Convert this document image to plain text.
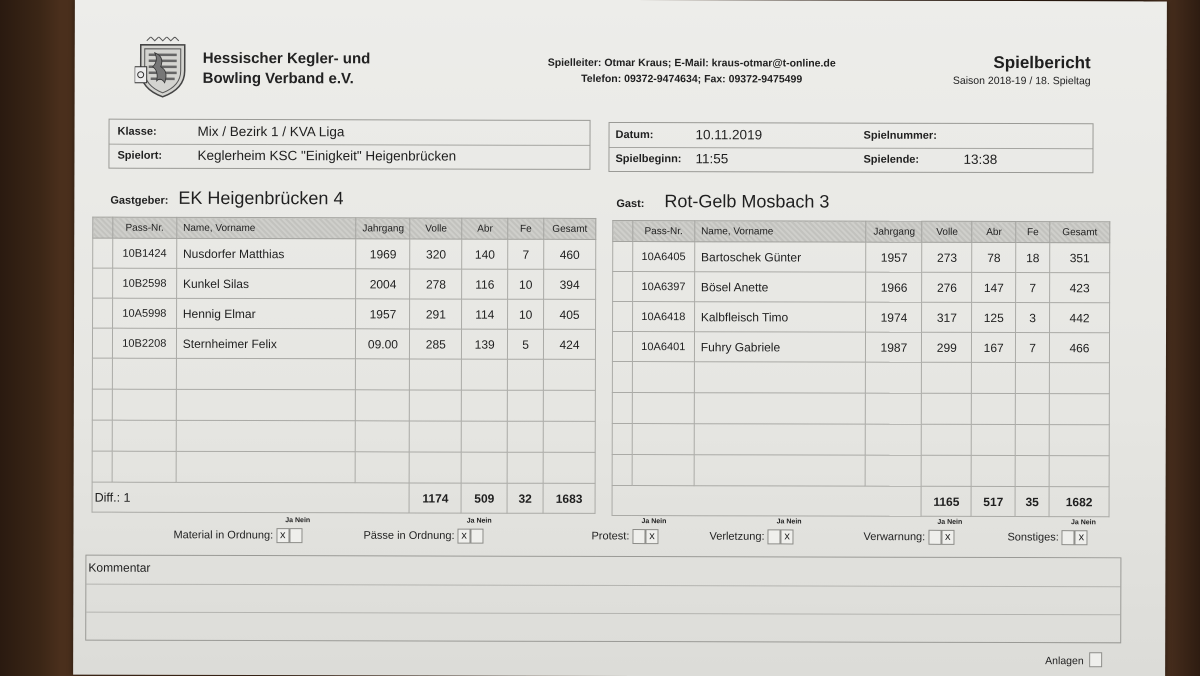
Hessischer Kegler- und
Bowling Verband e.V.
Spielleiter: Otmar Kraus; E-Mail: kraus-otmar@t-online.de
Telefon: 09372-9474634; Fax: 09372-9475499
Spielbericht
Saison 2018-19 / 18. Spieltag
Klasse:	Mix / Bezirk 1 / KVA Liga
Spielort:	Keglerheim KSC "Einigkeit" Heigenbrücken
Datum:	10.11.2019	Spielnummer:
Spielbeginn: 11:55	Spielende:	13:38
Gastgeber: EK Heigenbrücken 4	Gast: Rot-Gelb Mosbach 3
	Pass-Nr.	Name, Vorname	Jahrgang	Volle	Abr	Fe	Gesamt
	10B1424	Nusdorfer Matthias	1969	320	140	7	460
	10B2598	Kunkel Silas	2004	278	116	10	394
	10A5998	Hennig Elmar	1957	291	114	10	405
	10B2208	Sternheimer Felix	09.00	285	139	5	424

Diff.: 1				1174	509	32	1683
	Pass-Nr.	Name, Vorname	Jahrgang	Volle	Abr	Fe	Gesamt
	10A6405	Bartoschek Günter	1957	273	78	18	351
	10A6397	Bösel Anette	1966	276	147	7	423
	10A6418	Kalbfleisch Timo	1974	317	125	3	442
	10A6401	Fuhry Gabriele	1987	299	167	7	466

				1165	517	35	1682
Material in Ordnung:
Ja Nein
x	Pässe in Ordnung:
Ja Nein
x	Protest:
Ja Nein
x	Verletzung:
Ja Nein
x	Verwarnung:
Ja Nein
x	Sonstiges:
Ja Nein
x
Kommentar
Anlagen
